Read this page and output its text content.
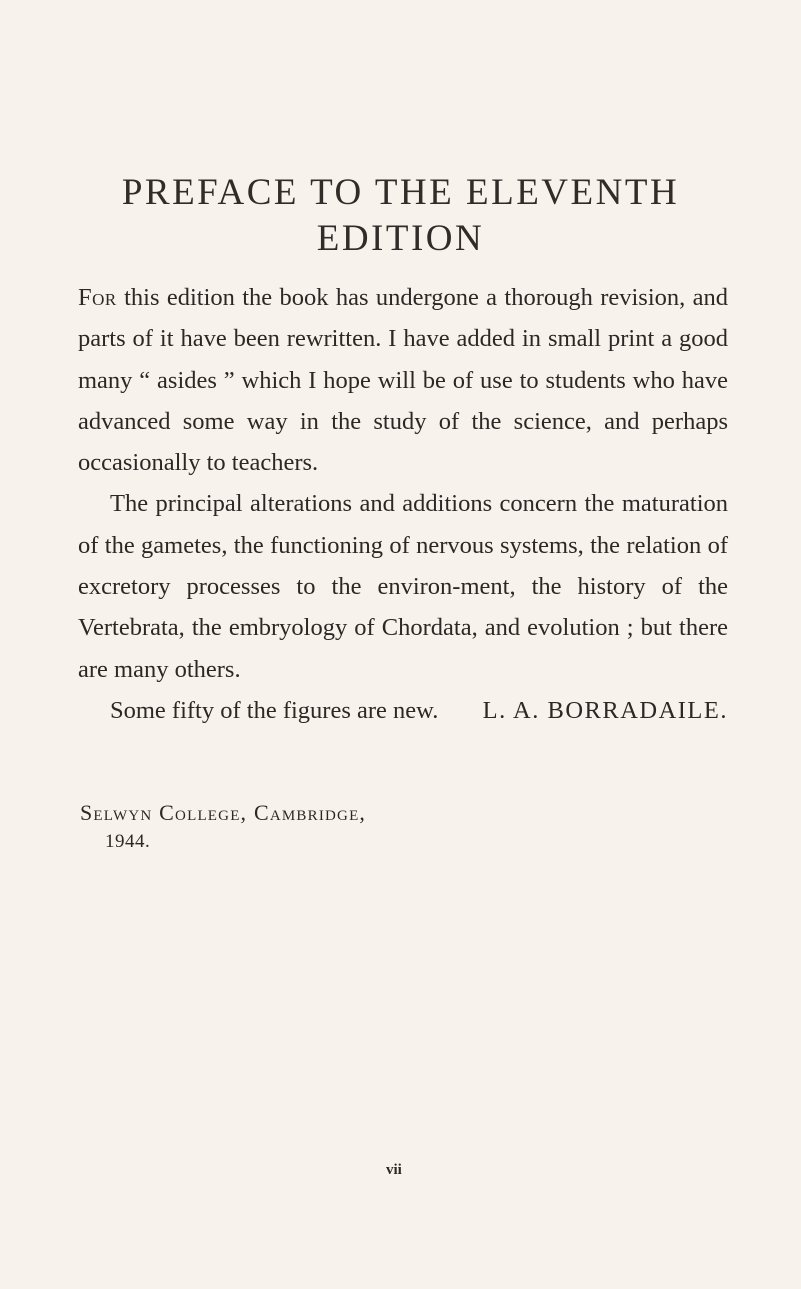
PREFACE TO THE ELEVENTH
EDITION

For this edition the book has undergone a thorough revision, and parts of it have been rewritten. I have added in small print a good many “ asides ” which I hope will be of use to students who have advanced some way in the study of the science, and perhaps occasionally to teachers.

The principal alterations and additions concern the maturation of the gametes, the functioning of nervous systems, the relation of excretory processes to the environ-ment, the history of the Vertebrata, the embryology of Chordata, and evolution ; but there are many others.

Some fifty of the figures are new.	L. A. BORRADAILE.
Selwyn College, Cambridge,
1944.
vii
